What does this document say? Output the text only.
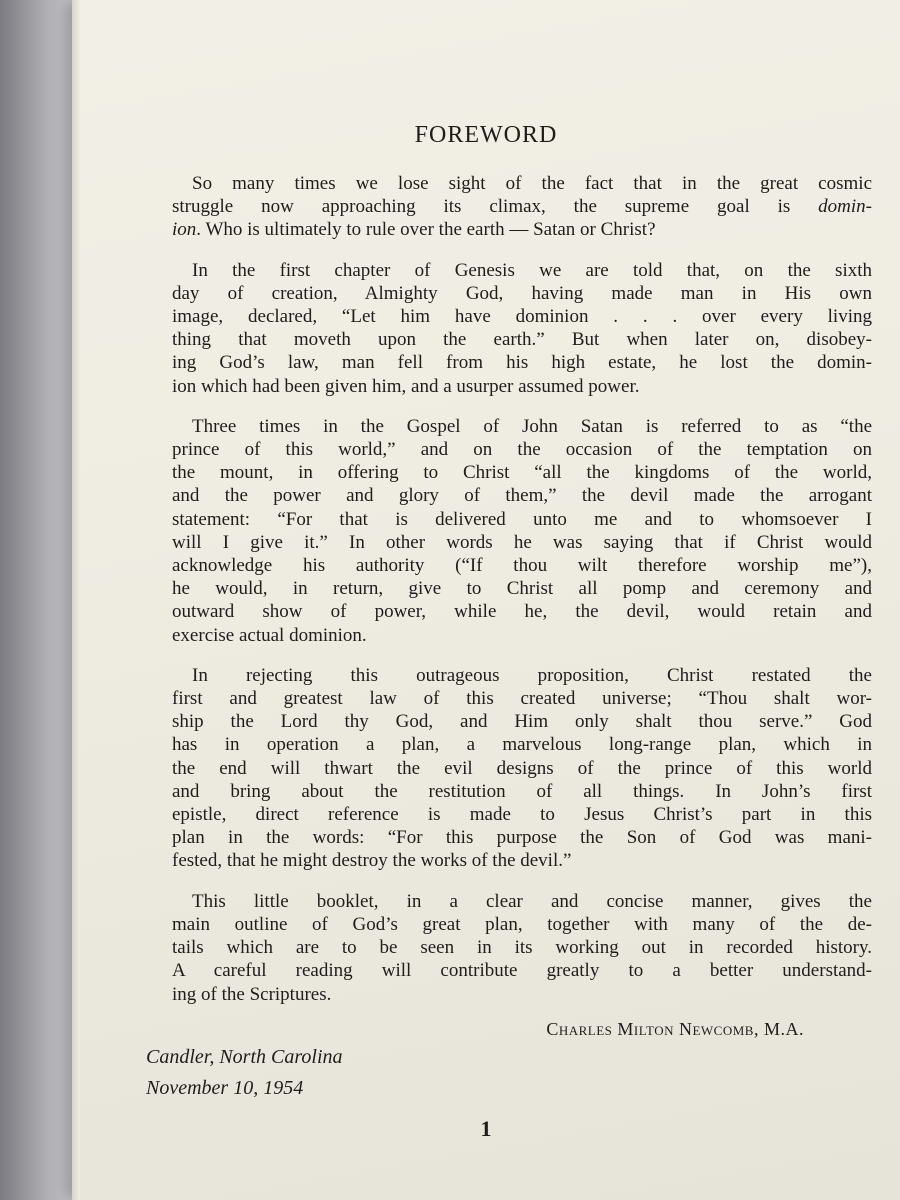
FOREWORD
So many times we lose sight of the fact that in the great cosmic
struggle now approaching its climax, the supreme goal is domin-
ion. Who is ultimately to rule over the earth — Satan or Christ?
In the first chapter of Genesis we are told that, on the sixth
day of creation, Almighty God, having made man in His own
image, declared, “Let him have dominion . . . over every living
thing that moveth upon the earth.” But when later on, disobey-
ing God’s law, man fell from his high estate, he lost the domin-
ion which had been given him, and a usurper assumed power.
Three times in the Gospel of John Satan is referred to as “the
prince of this world,” and on the occasion of the temptation on
the mount, in offering to Christ “all the kingdoms of the world,
and the power and glory of them,” the devil made the arrogant
statement: “For that is delivered unto me and to whomsoever I
will I give it.” In other words he was saying that if Christ would
acknowledge his authority (“If thou wilt therefore worship me”),
he would, in return, give to Christ all pomp and ceremony and
outward show of power, while he, the devil, would retain and
exercise actual dominion.
In rejecting this outrageous proposition, Christ restated the
first and greatest law of this created universe; “Thou shalt wor-
ship the Lord thy God, and Him only shalt thou serve.” God
has in operation a plan, a marvelous long-range plan, which in
the end will thwart the evil designs of the prince of this world
and bring about the restitution of all things. In John’s first
epistle, direct reference is made to Jesus Christ’s part in this
plan in the words: “For this purpose the Son of God was mani-
fested, that he might destroy the works of the devil.”
This little booklet, in a clear and concise manner, gives the
main outline of God’s great plan, together with many of the de-
tails which are to be seen in its working out in recorded history.
A careful reading will contribute greatly to a better understand-
ing of the Scriptures.
Charles Milton Newcomb, M.A.
Candler, North Carolina
November 10, 1954
1
